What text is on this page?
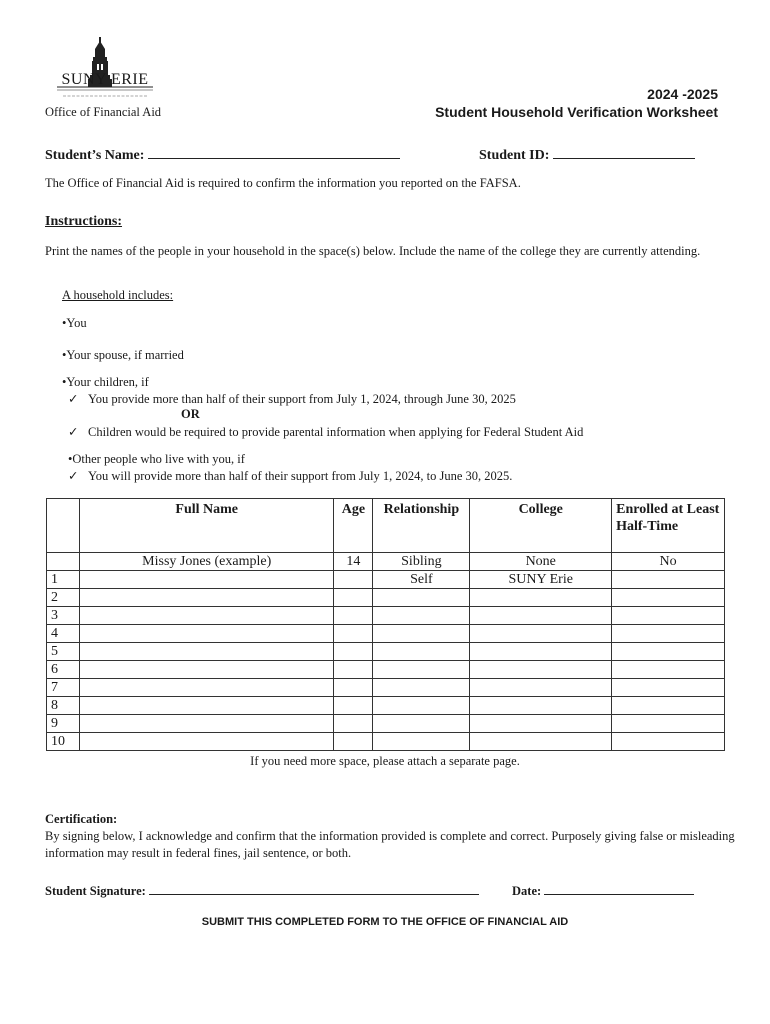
SUNY ERIE
Office of Financial Aid
2024 -2025
Student Household Verification Worksheet
Student’s Name:	Student ID:
The Office of Financial Aid is required to confirm the information you reported on the FAFSA.
Instructions:
Print the names of the people in your household in the space(s) below. Include the name of the college they are currently attending.
A household includes:
•You
•Your spouse, if married
•Your children, if
✓ You provide more than half of their support from July 1, 2024, through June 30, 2025
OR
✓ Children would be required to provide parental information when applying for Federal Student Aid
•Other people who live with you, if
✓ You will provide more than half of their support from July 1, 2024, to June 30, 2025.
	Full Name	Age	Relationship	College	Enrolled at Least Half-Time
	Missy Jones (example)	14	Sibling	None	No
1			Self	SUNY Erie	
2					
3					
4					
5					
6					
7					
8					
9					
10					
If you need more space, please attach a separate page.
Certification:
By signing below, I acknowledge and confirm that the information provided is complete and correct. Purposely giving false or misleading information may result in federal fines, jail sentence, or both.
Student Signature:	Date:
SUBMIT THIS COMPLETED FORM TO THE OFFICE OF FINANCIAL AID
